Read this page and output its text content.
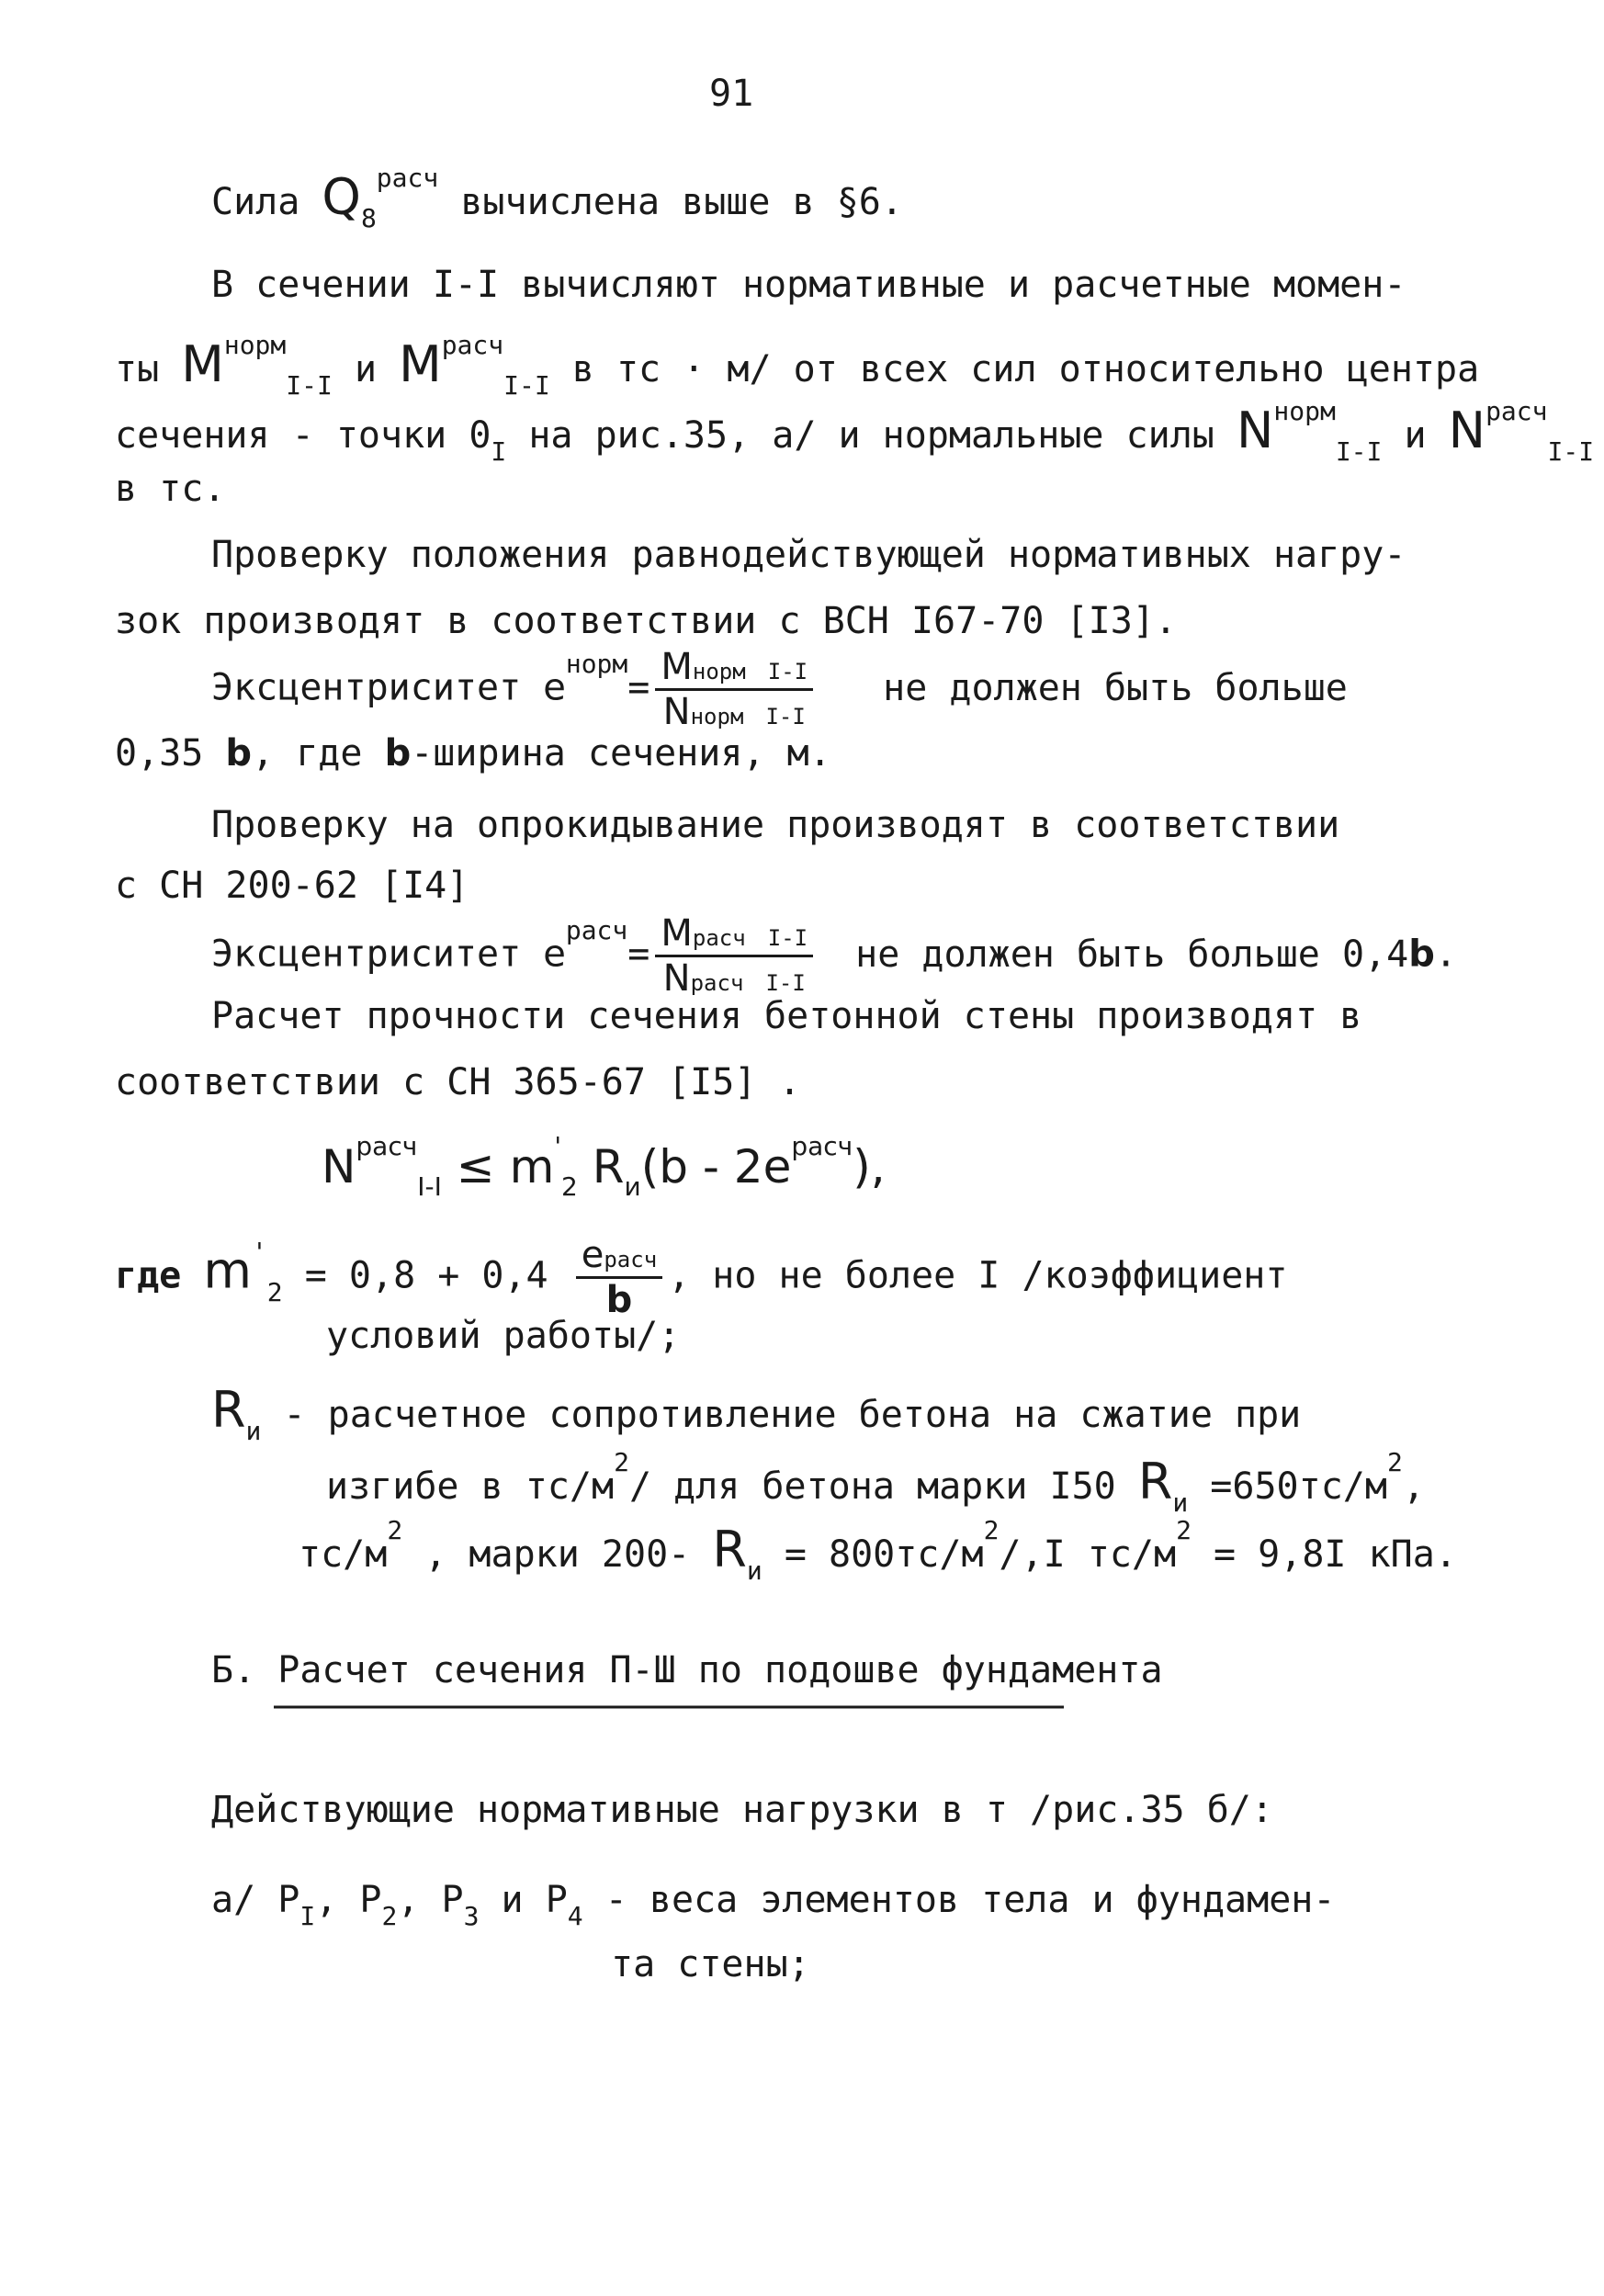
91
Сила $Q_8^{расч}$ вычислена выше в §6.
В сечении I-I вычисляют нормативные и расчетные момен-
ты $M^{норм}_{I-I}$ и $M^{расч}_{I-I}$ в тс · м/ от всех сил относительно центра
сечения - точки $0_I$ на рис.35, а/ и нормальные силы $N^{норм}_{I-I}$ и $N^{расч}_{I-I}$
в тс.
Проверку положения равнодействующей нормативных нагру-
зок производят в соответствии с ВСН I67-70 [I3].
Эксцентриситет $e^{норм}= \frac{\text{Mнорм I-I}}{\text{Nнорм I-I}}$ не должен быть больше
0,35 b, где b-ширина сечения, м.
Проверку на опрокидывание производят в соответствии
с СН 200-62 [I4]
Эксцентриситет $e^{расч}= \frac{\text{Mрасч I-I}}{\text{Nрасч I-I}}$ не должен быть больше 0,4b.
Расчет прочности сечения бетонной стены производят в
соответствии с СН 365-67 [I5] .
$N^{расч}_{I-I} \le m'_2$ $R_и(b - 2e^{расч})$,
где $m'_2 = 0,8 + 0,4 \frac{\text{eрасч}}{b}$ , но не более I /коэффициент
условий работы/;
$R_и$ - расчетное сопротивление бетона на сжатие при
изгибе в $тс/м^2/$ для бетона марки I50 $R_и =650тс/м^2$,
$тс/м^2$ , марки 200- $R_и = 800тс/м^2/,I$ $тс/м^2 = 9,8I$ кПа.
Б. Расчет сечения П-Ш по подошве фундамента
Действующие нормативные нагрузки в т /рис.35 б/:
а/ $P_I$, $P_2$, $P_3$ и $P_4$ - веса элементов тела и фундамен-
та стены;
